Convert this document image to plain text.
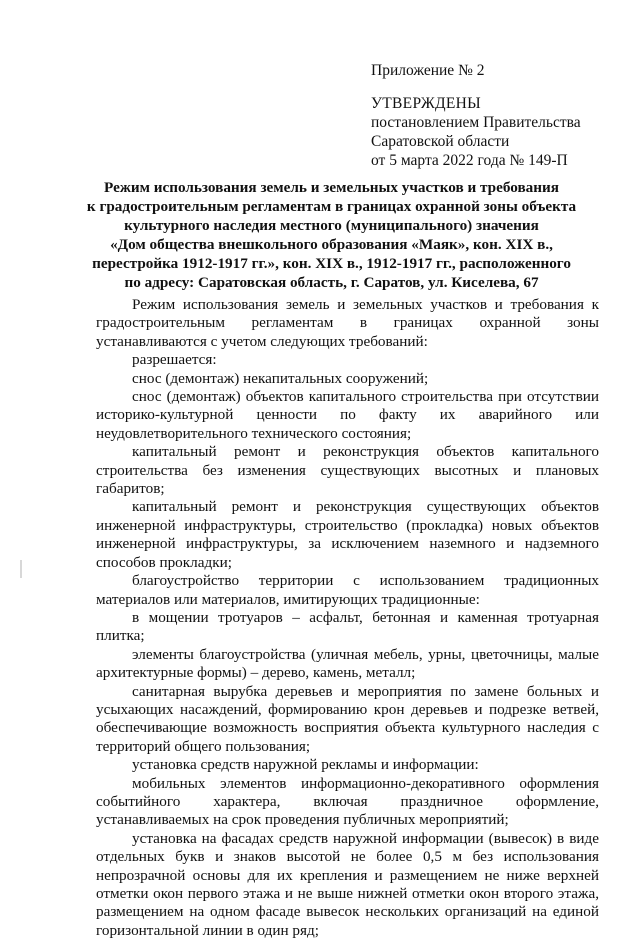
Приложение № 2
УТВЕРЖДЕНЫ
постановлением Правительства
Саратовской области
от 5 марта 2022 года № 149-П
Режим использования земель и земельных участков и требования
к градостроительным регламентам в границах охранной зоны объекта
культурного наследия местного (муниципального) значения
«Дом общества внешкольного образования «Маяк», кон. XIX в.,
перестройка 1912-1917 гг.», кон. XIX в., 1912-1917 гг., расположенного
по адресу: Саратовская область, г. Саратов, ул. Киселева, 67

Режим использования земель и земельных участков и требования к градостроительным регламентам в границах охранной зоны устанавливаются с учетом следующих требований:

разрешается:

снос (демонтаж) некапитальных сооружений;

снос (демонтаж) объектов капитального строительства при отсутствии историко-культурной ценности по факту их аварийного или неудовлетворительного технического состояния;

капитальный ремонт и реконструкция объектов капитального строительства без изменения существующих высотных и плановых габаритов;

капитальный ремонт и реконструкция существующих объектов инженерной инфраструктуры, строительство (прокладка) новых объектов инженерной инфраструктуры, за исключением наземного и надземного способов прокладки;

благоустройство территории с использованием традиционных материалов или материалов, имитирующих традиционные:

в мощении тротуаров – асфальт, бетонная и каменная тротуарная плитка;

элементы благоустройства (уличная мебель, урны, цветочницы, малые архитектурные формы) – дерево, камень, металл;

санитарная вырубка деревьев и мероприятия по замене больных и усыхающих насаждений, формированию крон деревьев и подрезке ветвей, обеспечивающие возможность восприятия объекта культурного наследия с территорий общего пользования;

установка средств наружной рекламы и информации:

мобильных элементов информационно-декоративного оформления событийного характера, включая праздничное оформление, устанавливаемых на срок проведения публичных мероприятий;

установка на фасадах средств наружной информации (вывесок) в виде отдельных букв и знаков высотой не более 0,5 м без использования непрозрачной основы для их крепления и размещением не ниже верхней отметки окон первого этажа и не выше нижней отметки окон второго этажа, размещением на одном фасаде вывесок нескольких организаций на единой горизонтальной линии в один ряд;
